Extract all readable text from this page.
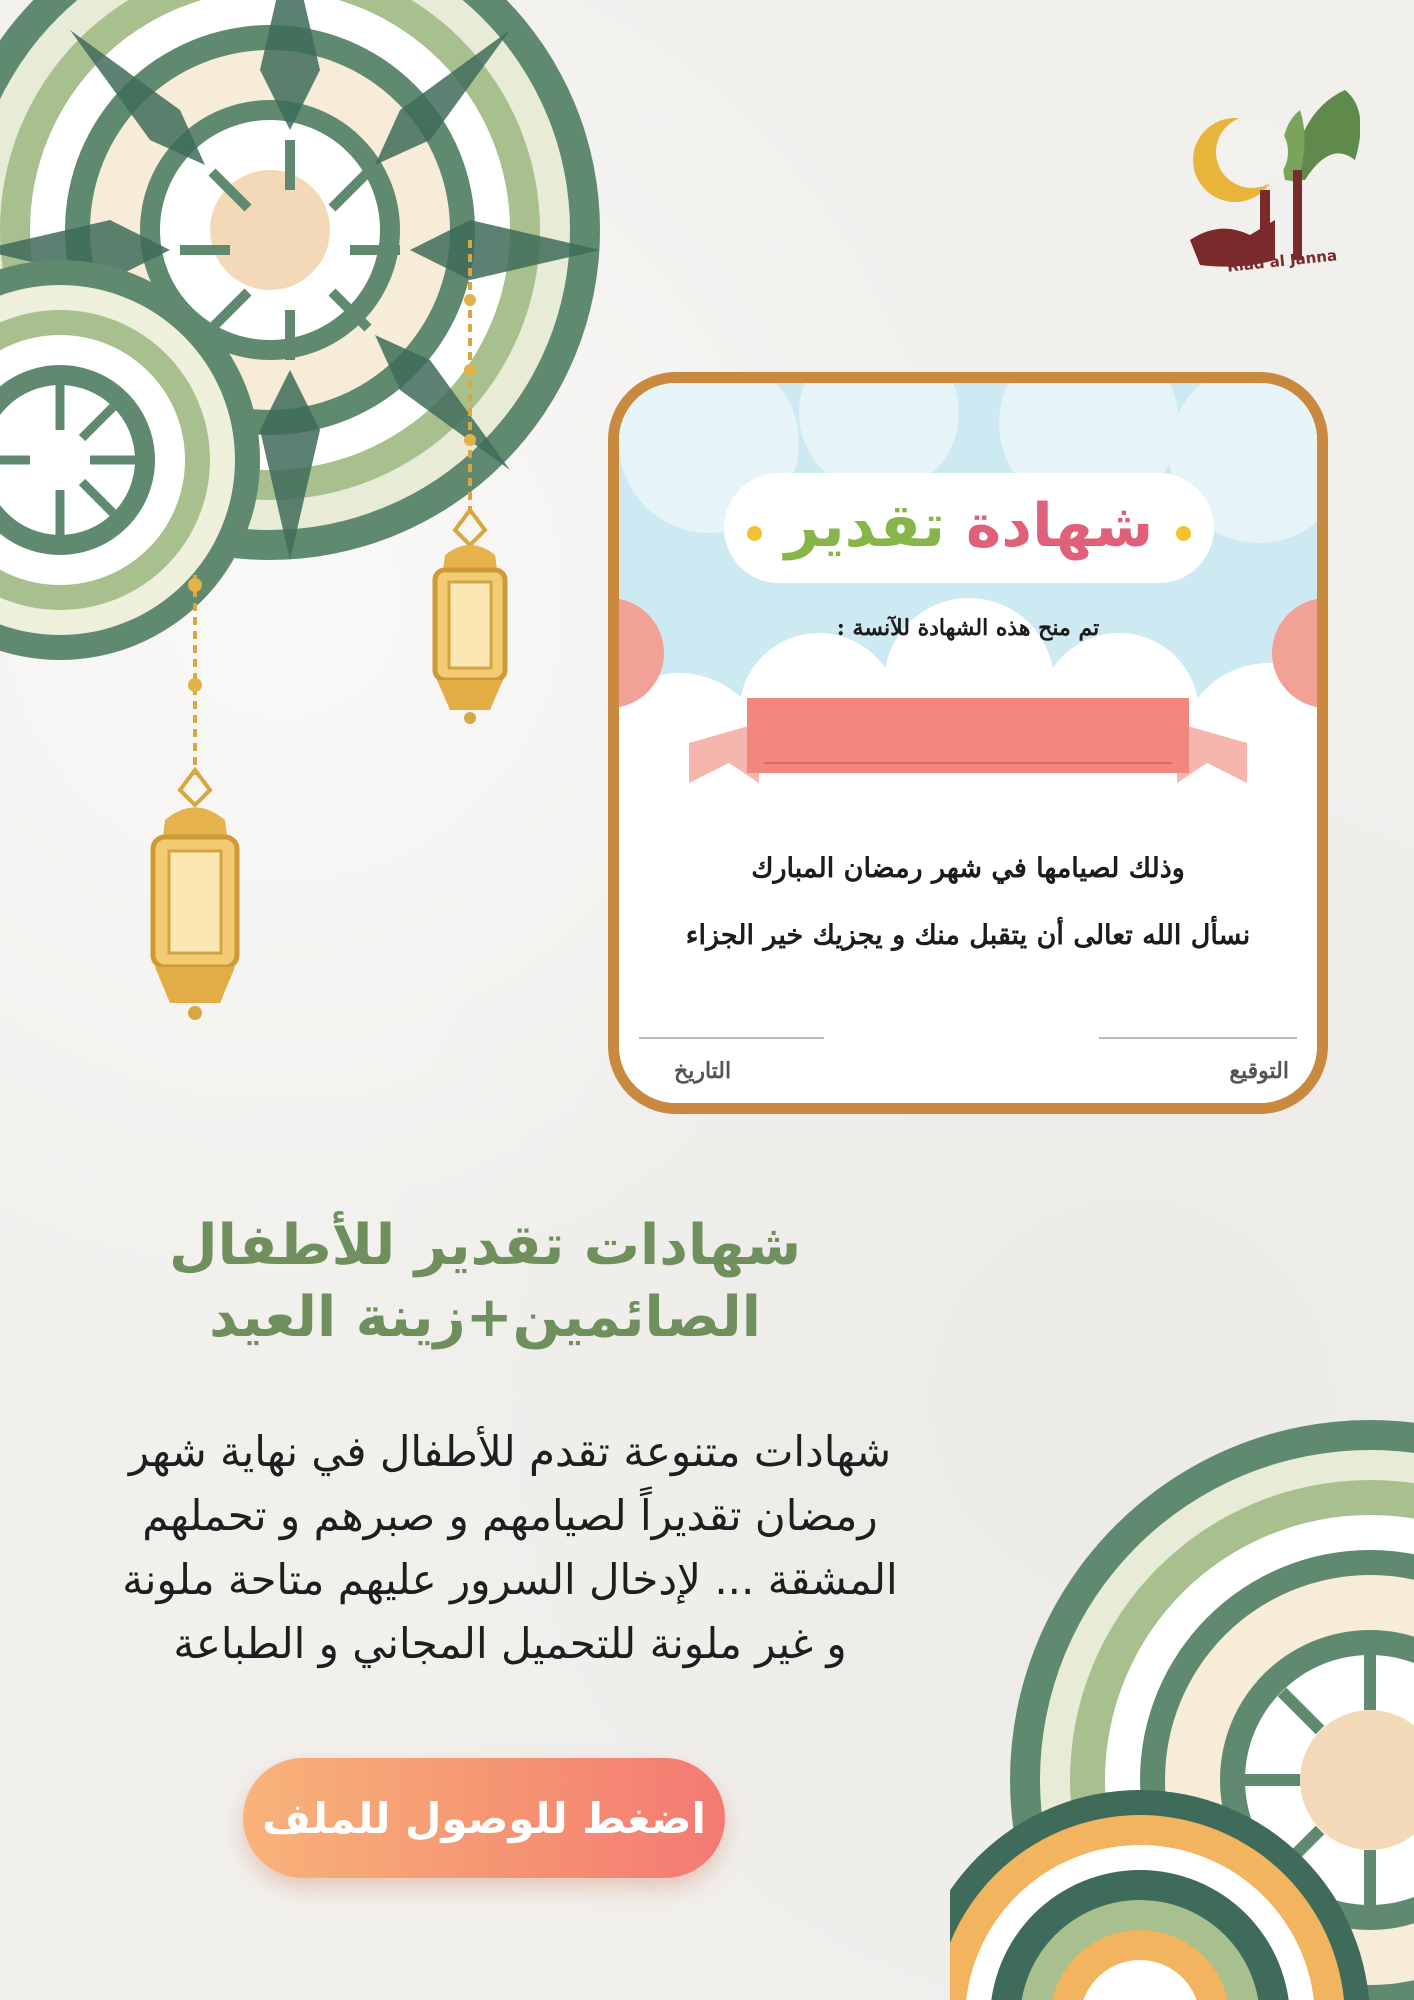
Riad al Janna
شهادة تقدير
تم منح هذه الشهادة للآنسة :
وذلك لصيامها في شهر رمضان المبارك
نسأل الله تعالى أن يتقبل منك و يجزيك خير الجزاء
التوقيع
التاريخ
شهادات تقدير للأطفال
الصائمين+زينة العيد
شهادات متنوعة تقدم للأطفال في نهاية شهر
رمضان تقديراً لصيامهم و صبرهم و تحملهم
المشقة ... لإدخال السرور عليهم متاحة ملونة
و غير ملونة للتحميل المجاني و الطباعة
اضغط للوصول للملف
